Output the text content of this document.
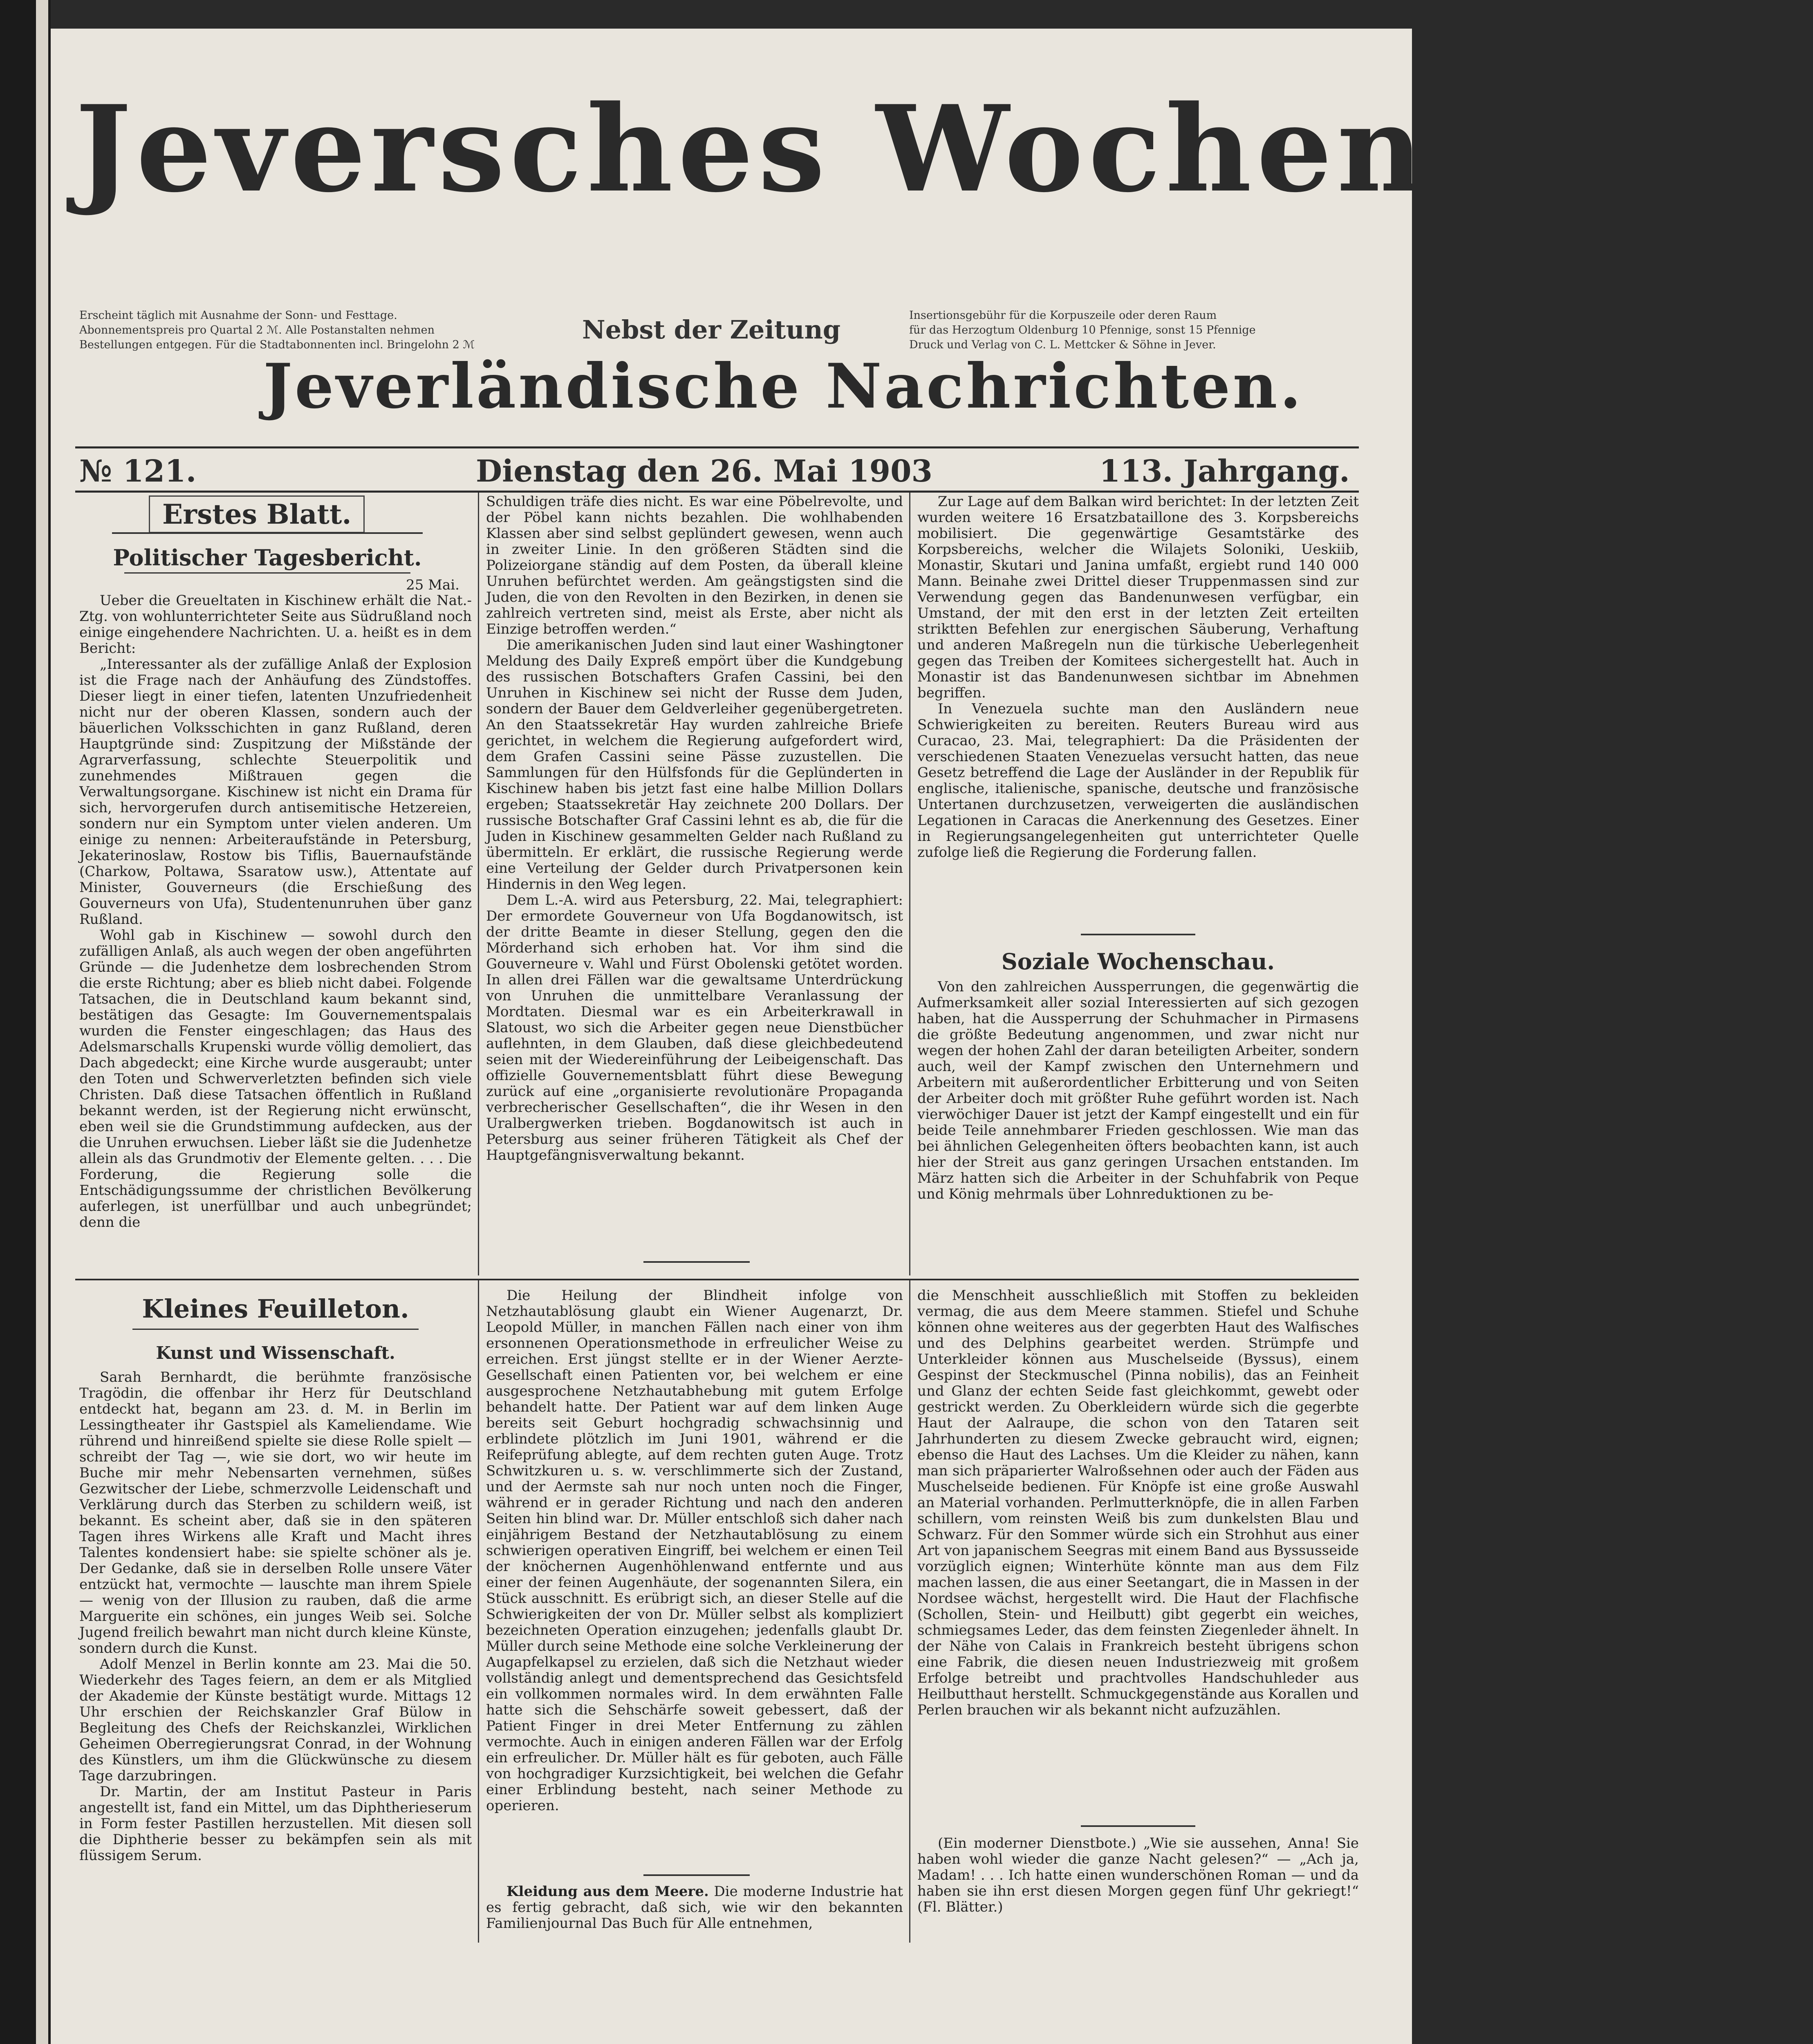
Jeversches Wochenblatt.
Erscheint täglich mit Ausnahme der Sonn- und Festtage.
Abonnementspreis pro Quartal 2 ℳ. Alle Postanstalten nehmen
Bestellungen entgegen. Für die Stadtabonnenten incl. Bringelohn 2 ℳ
Nebst der Zeitung	Insertionsgebühr für die Korpuszeile oder deren Raum
für das Herzogtum Oldenburg 10 Pfennige, sonst 15 Pfennige
Druck und Verlag von C. L. Mettcker & Söhne in Jever.
Jeverländische Nachrichten.
№ 121.	Dienstag den 26. Mai 1903	113. Jahrgang.
Erstes Blatt.
Politischer Tagesbericht.
25 Mai.

Ueber die Greueltaten in Kischinew erhält die Nat.-Ztg. von wohlunterrichteter Seite aus Südrußland noch einige eingehendere Nachrichten. U. a. heißt es in dem Bericht:

„Interessanter als der zufällige Anlaß der Explosion ist die Frage nach der Anhäufung des Zündstoffes. Dieser liegt in einer tiefen, latenten Unzufriedenheit nicht nur der oberen Klassen, sondern auch der bäuerlichen Volksschichten in ganz Rußland, deren Hauptgründe sind: Zuspitzung der Mißstände der Agrarverfassung, schlechte Steuerpolitik und zunehmendes Mißtrauen gegen die Verwaltungsorgane. Kischinew ist nicht ein Drama für sich, hervorgerufen durch antisemitische Hetzereien, sondern nur ein Symptom unter vielen anderen. Um einige zu nennen: Arbeiteraufstände in Petersburg, Jekaterinoslaw, Rostow bis Tiflis, Bauernaufstände (Charkow, Poltawa, Ssaratow usw.), Attentate auf Minister, Gouverneurs (die Erschießung des Gouverneurs von Ufa), Studentenunruhen über ganz Rußland.

Wohl gab in Kischinew — sowohl durch den zufälligen Anlaß, als auch wegen der oben angeführten Gründe — die Judenhetze dem losbrechenden Strom die erste Richtung; aber es blieb nicht dabei. Folgende Tatsachen, die in Deutschland kaum bekannt sind, bestätigen das Gesagte: Im Gouvernementspalais wurden die Fenster eingeschlagen; das Haus des Adelsmarschalls Krupenski wurde völlig demoliert, das Dach abgedeckt; eine Kirche wurde ausgeraubt; unter den Toten und Schwerverletzten befinden sich viele Christen. Daß diese Tatsachen öffentlich in Rußland bekannt werden, ist der Regierung nicht erwünscht, eben weil sie die Grundstimmung aufdecken, aus der die Unruhen erwuchsen. Lieber läßt sie die Judenhetze allein als das Grundmotiv der Elemente gelten. . . . Die Forderung, die Regierung solle die Entschädigungssumme der christlichen Bevölkerung auferlegen, ist unerfüllbar und auch unbegründet; denn die

Schuldigen träfe dies nicht. Es war eine Pöbelrevolte, und der Pöbel kann nichts bezahlen. Die wohlhabenden Klassen aber sind selbst geplündert gewesen, wenn auch in zweiter Linie. In den größeren Städten sind die Polizeiorgane ständig auf dem Posten, da überall kleine Unruhen befürchtet werden. Am geängstigsten sind die Juden, die von den Revolten in den Bezirken, in denen sie zahlreich vertreten sind, meist als Erste, aber nicht als Einzige betroffen werden.“

Die amerikanischen Juden sind laut einer Washingtoner Meldung des Daily Expreß empört über die Kundgebung des russischen Botschafters Grafen Cassini, bei den Unruhen in Kischinew sei nicht der Russe dem Juden, sondern der Bauer dem Geldverleiher gegenübergetreten. An den Staatssekretär Hay wurden zahlreiche Briefe gerichtet, in welchem die Regierung aufgefordert wird, dem Grafen Cassini seine Pässe zuzustellen. Die Sammlungen für den Hülfsfonds für die Geplünderten in Kischinew haben bis jetzt fast eine halbe Million Dollars ergeben; Staatssekretär Hay zeichnete 200 Dollars. Der russische Botschafter Graf Cassini lehnt es ab, die für die Juden in Kischinew gesammelten Gelder nach Rußland zu übermitteln. Er erklärt, die russische Regierung werde eine Verteilung der Gelder durch Privatpersonen kein Hindernis in den Weg legen.

Dem L.-A. wird aus Petersburg, 22. Mai, telegraphiert: Der ermordete Gouverneur von Ufa Bogdanowitsch, ist der dritte Beamte in dieser Stellung, gegen den die Mörderhand sich erhoben hat. Vor ihm sind die Gouverneure v. Wahl und Fürst Obolenski getötet worden. In allen drei Fällen war die gewaltsame Unterdrückung von Unruhen die unmittelbare Veranlassung der Mordtaten. Diesmal war es ein Arbeiterkrawall in Slatoust, wo sich die Arbeiter gegen neue Dienstbücher auflehnten, in dem Glauben, daß diese gleichbedeutend seien mit der Wiedereinführung der Leibeigenschaft. Das offizielle Gouvernementsblatt führt diese Bewegung zurück auf eine „organisierte revolutionäre Propaganda verbrecherischer Gesellschaften“, die ihr Wesen in den Uralbergwerken trieben. Bogdanowitsch ist auch in Petersburg aus seiner früheren Tätigkeit als Chef der Hauptgefängnisverwaltung bekannt.

Zur Lage auf dem Balkan wird berichtet: In der letzten Zeit wurden weitere 16 Ersatzbataillone des 3. Korpsbereichs mobilisiert. Die gegenwärtige Gesamtstärke des Korpsbereichs, welcher die Wilajets Soloniki, Ueskiib, Monastir, Skutari und Janina umfaßt, ergiebt rund 140 000 Mann. Beinahe zwei Drittel dieser Truppenmassen sind zur Verwendung gegen das Bandenunwesen verfügbar, ein Umstand, der mit den erst in der letzten Zeit erteilten striktten Befehlen zur energischen Säuberung, Verhaftung und anderen Maßregeln nun die türkische Ueberlegenheit gegen das Treiben der Komitees sichergestellt hat. Auch in Monastir ist das Bandenunwesen sichtbar im Abnehmen begriffen.

In Venezuela suchte man den Ausländern neue Schwierigkeiten zu bereiten. Reuters Bureau wird aus Curacao, 23. Mai, telegraphiert: Da die Präsidenten der verschiedenen Staaten Venezuelas versucht hatten, das neue Gesetz betreffend die Lage der Ausländer in der Republik für englische, italienische, spanische, deutsche und französische Untertanen durchzusetzen, verweigerten die ausländischen Legationen in Caracas die Anerkennung des Gesetzes. Einer in Regierungsangelegenheiten gut unterrichteter Quelle zufolge ließ die Regierung die Forderung fallen.

Soziale Wochenschau.

Von den zahlreichen Aussperrungen, die gegenwärtig die Aufmerksamkeit aller sozial Interessierten auf sich gezogen haben, hat die Aussperrung der Schuhmacher in Pirmasens die größte Bedeutung angenommen, und zwar nicht nur wegen der hohen Zahl der daran beteiligten Arbeiter, sondern auch, weil der Kampf zwischen den Unternehmern und Arbeitern mit außerordentlicher Erbitterung und von Seiten der Arbeiter doch mit größter Ruhe geführt worden ist. Nach vierwöchiger Dauer ist jetzt der Kampf eingestellt und ein für beide Teile annehmbarer Frieden geschlossen. Wie man das bei ähnlichen Gelegenheiten öfters beobachten kann, ist auch hier der Streit aus ganz geringen Ursachen entstanden. Im März hatten sich die Arbeiter in der Schuhfabrik von Peque und König mehrmals über Lohnreduktionen zu be-

Kleines Feuilleton.
Kunst und Wissenschaft.

Sarah Bernhardt, die berühmte französische Tragödin, die offenbar ihr Herz für Deutschland entdeckt hat, begann am 23. d. M. in Berlin im Lessingtheater ihr Gastspiel als Kameliendame. Wie rührend und hinreißend spielte sie diese Rolle spielt — schreibt der Tag —, wie sie dort, wo wir heute im Buche mir mehr Nebensarten vernehmen, süßes Gezwitscher der Liebe, schmerzvolle Leidenschaft und Verklärung durch das Sterben zu schildern weiß, ist bekannt. Es scheint aber, daß sie in den späteren Tagen ihres Wirkens alle Kraft und Macht ihres Talentes kondensiert habe: sie spielte schöner als je. Der Gedanke, daß sie in derselben Rolle unsere Väter entzückt hat, vermochte — lauschte man ihrem Spiele — wenig von der Illusion zu rauben, daß die arme Marguerite ein schönes, ein junges Weib sei. Solche Jugend freilich bewahrt man nicht durch kleine Künste, sondern durch die Kunst.

Adolf Menzel in Berlin konnte am 23. Mai die 50. Wiederkehr des Tages feiern, an dem er als Mitglied der Akademie der Künste bestätigt wurde. Mittags 12 Uhr erschien der Reichskanzler Graf Bülow in Begleitung des Chefs der Reichskanzlei, Wirklichen Geheimen Oberregierungsrat Conrad, in der Wohnung des Künstlers, um ihm die Glückwünsche zu diesem Tage darzubringen.

Dr. Martin, der am Institut Pasteur in Paris angestellt ist, fand ein Mittel, um das Diphtherieserum in Form fester Pastillen herzustellen. Mit diesen soll die Diphtherie besser zu bekämpfen sein als mit flüssigem Serum.

Die Heilung der Blindheit infolge von Netzhautablösung glaubt ein Wiener Augenarzt, Dr. Leopold Müller, in manchen Fällen nach einer von ihm ersonnenen Operationsmethode in erfreulicher Weise zu erreichen. Erst jüngst stellte er in der Wiener Aerzte-Gesellschaft einen Patienten vor, bei welchem er eine ausgesprochene Netzhautabhebung mit gutem Erfolge behandelt hatte. Der Patient war auf dem linken Auge bereits seit Geburt hochgradig schwachsinnig und erblindete plötzlich im Juni 1901, während er die Reifeprüfung ablegte, auf dem rechten guten Auge. Trotz Schwitzkuren u. s. w. verschlimmerte sich der Zustand, und der Aermste sah nur noch unten noch die Finger, während er in gerader Richtung und nach den anderen Seiten hin blind war. Dr. Müller entschloß sich daher nach einjährigem Bestand der Netzhautablösung zu einem schwierigen operativen Eingriff, bei welchem er einen Teil der knöchernen Augenhöhlenwand entfernte und aus einer der feinen Augenhäute, der sogenannten Silera, ein Stück ausschnitt. Es erübrigt sich, an dieser Stelle auf die Schwierigkeiten der von Dr. Müller selbst als kompliziert bezeichneten Operation einzugehen; jedenfalls glaubt Dr. Müller durch seine Methode eine solche Verkleinerung der Augapfelkapsel zu erzielen, daß sich die Netzhaut wieder vollständig anlegt und dementsprechend das Gesichtsfeld ein vollkommen normales wird. In dem erwähnten Falle hatte sich die Sehschärfe soweit gebessert, daß der Patient Finger in drei Meter Entfernung zu zählen vermochte. Auch in einigen anderen Fällen war der Erfolg ein erfreulicher. Dr. Müller hält es für geboten, auch Fälle von hochgradiger Kurzsichtigkeit, bei welchen die Gefahr einer Erblindung besteht, nach seiner Methode zu operieren.

Kleidung aus dem Meere. Die moderne Industrie hat es fertig gebracht, daß sich, wie wir den bekannten Familienjournal Das Buch für Alle entnehmen,

die Menschheit ausschließlich mit Stoffen zu bekleiden vermag, die aus dem Meere stammen. Stiefel und Schuhe können ohne weiteres aus der gegerbten Haut des Walfisches und des Delphins gearbeitet werden. Strümpfe und Unterkleider können aus Muschelseide (Byssus), einem Gespinst der Steckmuschel (Pinna nobilis), das an Feinheit und Glanz der echten Seide fast gleichkommt, gewebt oder gestrickt werden. Zu Oberkleidern würde sich die gegerbte Haut der Aalraupe, die schon von den Tataren seit Jahrhunderten zu diesem Zwecke gebraucht wird, eignen; ebenso die Haut des Lachses. Um die Kleider zu nähen, kann man sich präparierter Walroßsehnen oder auch der Fäden aus Muschelseide bedienen. Für Knöpfe ist eine große Auswahl an Material vorhanden. Perlmutterknöpfe, die in allen Farben schillern, vom reinsten Weiß bis zum dunkelsten Blau und Schwarz. Für den Sommer würde sich ein Strohhut aus einer Art von japanischem Seegras mit einem Band aus Byssusseide vorzüglich eignen; Winterhüte könnte man aus dem Filz machen lassen, die aus einer Seetangart, die in Massen in der Nordsee wächst, hergestellt wird. Die Haut der Flachfische (Schollen, Stein- und Heilbutt) gibt gegerbt ein weiches, schmiegsames Leder, das dem feinsten Ziegenleder ähnelt. In der Nähe von Calais in Frankreich besteht übrigens schon eine Fabrik, die diesen neuen Industriezweig mit großem Erfolge betreibt und prachtvolles Handschuhleder aus Heilbutthaut herstellt. Schmuckgegenstände aus Korallen und Perlen brauchen wir als bekannt nicht aufzuzählen.

(Ein moderner Dienstbote.) „Wie sie aussehen, Anna! Sie haben wohl wieder die ganze Nacht gelesen?“ — „Ach ja, Madam! . . . Ich hatte einen wunderschönen Roman — und da haben sie ihn erst diesen Morgen gegen fünf Uhr gekriegt!“ (Fl. Blätter.)
